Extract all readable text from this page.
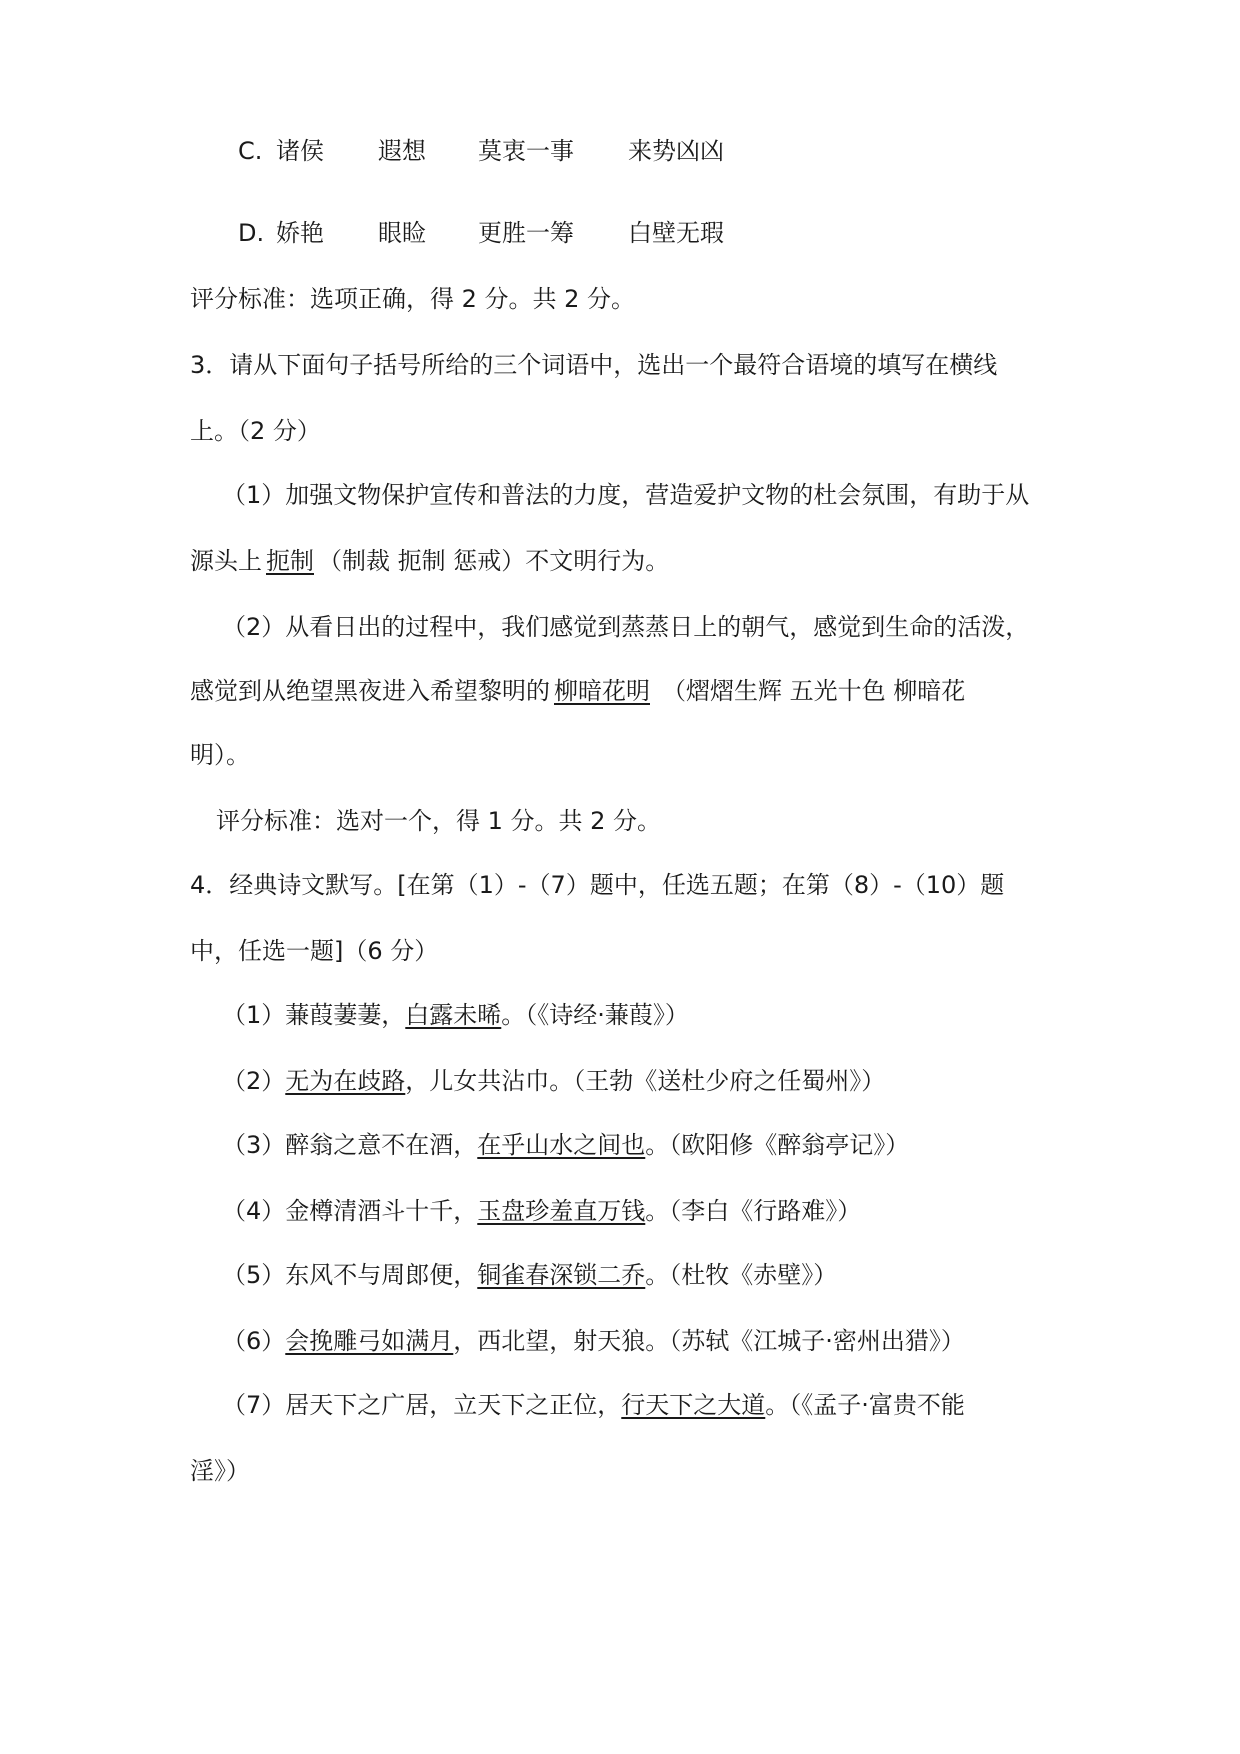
C. 诸侯 遐想 莫衷一事 来势凶凶
D. 娇艳 眼睑 更胜一筹 白壁无瑕
评分标准：选项正确，得 2 分。共 2 分。
3．请从下面句子括号所给的三个词语中，选出一个最符合语境的填写在横线
上。（2 分）
（1）加强文物保护宣传和普法的力度，营造爱护文物的杜会氛围，有助于从
源头上 扼制 （制裁 扼制 惩戒）不文明行为。
（2）从看日出的过程中，我们感觉到蒸蒸日上的朝气，感觉到生命的活泼，
感觉到从绝望黑夜进入希望黎明的 柳暗花明 （熠熠生辉 五光十色 柳暗花
明）。
评分标准：选对一个，得 1 分。共 2 分。
4．经典诗文默写。[在第（1）-（7）题中，任选五题；在第（8）-（10）题
中，任选一题]（6 分）
（1）蒹葭萋萋，白露未晞。（《诗经·蒹葭》）
（2）无为在歧路，儿女共沾巾。（王勃《送杜少府之任蜀州》）
（3）醉翁之意不在酒，在乎山水之间也。（欧阳修《醉翁亭记》）
（4）金樽清酒斗十千，玉盘珍羞直万钱。（李白《行路难》）
（5）东风不与周郎便，铜雀春深锁二乔。（杜牧《赤壁》）
（6）会挽雕弓如满月，西北望，射天狼。（苏轼《江城子·密州出猎》）
（7）居天下之广居，立天下之正位，行天下之大道。（《孟子·富贵不能
淫》）
